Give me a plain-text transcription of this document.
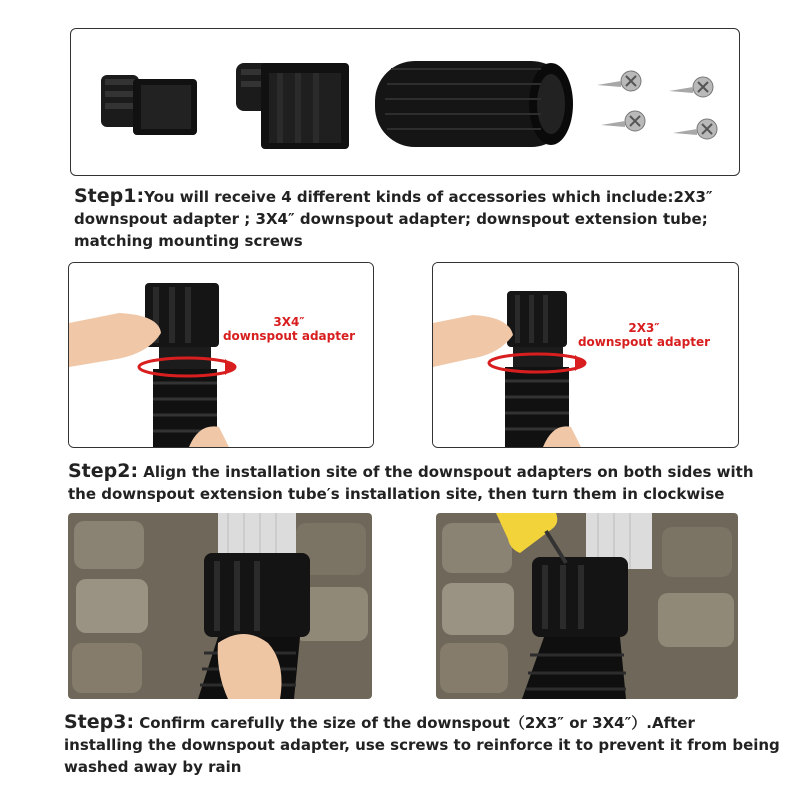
Step1:You will receive 4 different kinds of accessories which include:2X3″
downspout adapter ; 3X4″ downspout adapter; downspout extension tube;
matching mounting screws
3X4″
downspout adapter
2X3″
downspout adapter
Step2: Align the installation site of the downspout adapters on both sides with
the downspout extension tube′s installation site, then turn them in clockwise
Step3: Confirm carefully the size of the downspout（2X3″ or 3X4″）.After
installing the downspout adapter, use screws to reinforce it to prevent it from being
washed away by rain
